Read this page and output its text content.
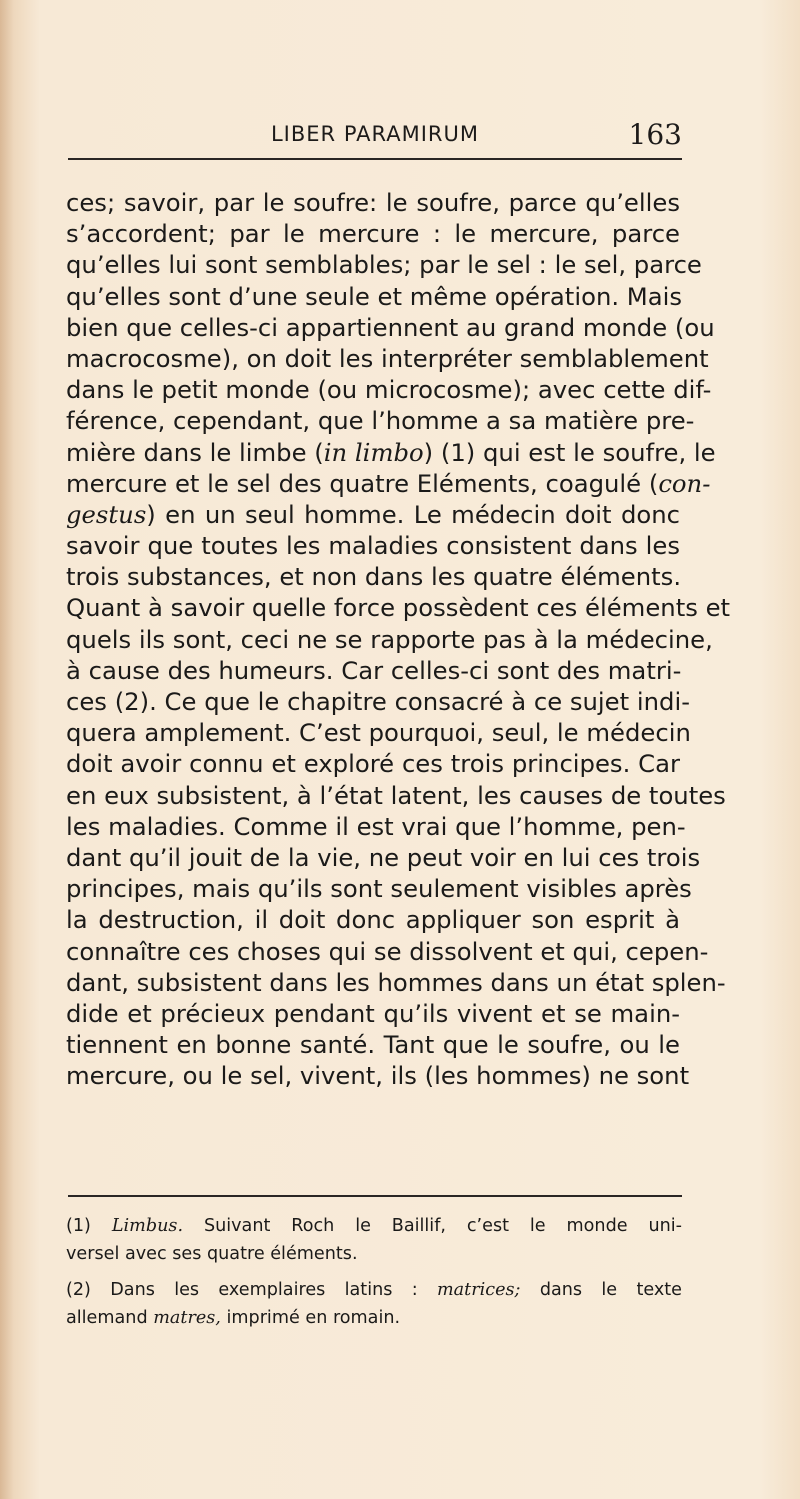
LIBER PARAMIRUM	163
ces; savoir, par le soufre: le soufre, parce qu’elles
s’accordent; par le mercure : le mercure, parce
qu’elles lui sont semblables; par le sel : le sel, parce
qu’elles sont d’une seule et même opération. Mais
bien que celles-ci appartiennent au grand monde (ou
macrocosme), on doit les interpréter semblablement
dans le petit monde (ou microcosme); avec cette dif-
férence, cependant, que l’homme a sa matière pre-
mière dans le limbe (in limbo) (1) qui est le soufre, le
mercure et le sel des quatre Eléments, coagulé (con-
gestus) en un seul homme. Le médecin doit donc
savoir que toutes les maladies consistent dans les
trois substances, et non dans les quatre éléments.
Quant à savoir quelle force possèdent ces éléments et
quels ils sont, ceci ne se rapporte pas à la médecine,
à cause des humeurs. Car celles-ci sont des matri-
ces (2). Ce que le chapitre consacré à ce sujet indi-
quera amplement. C’est pourquoi, seul, le médecin
doit avoir connu et exploré ces trois principes. Car
en eux subsistent, à l’état latent, les causes de toutes
les maladies. Comme il est vrai que l’homme, pen-
dant qu’il jouit de la vie, ne peut voir en lui ces trois
principes, mais qu’ils sont seulement visibles après
la destruction, il doit donc appliquer son esprit à
connaître ces choses qui se dissolvent et qui, cepen-
dant, subsistent dans les hommes dans un état splen-
dide et précieux pendant qu’ils vivent et se main-
tiennent en bonne santé. Tant que le soufre, ou le
mercure, ou le sel, vivent, ils (les hommes) ne sont
(1) Limbus. Suivant Roch le Baillif, c’est le monde uni-
versel avec ses quatre éléments.
(2) Dans les exemplaires latins : matrices; dans le texte
allemand matres, imprimé en romain.
